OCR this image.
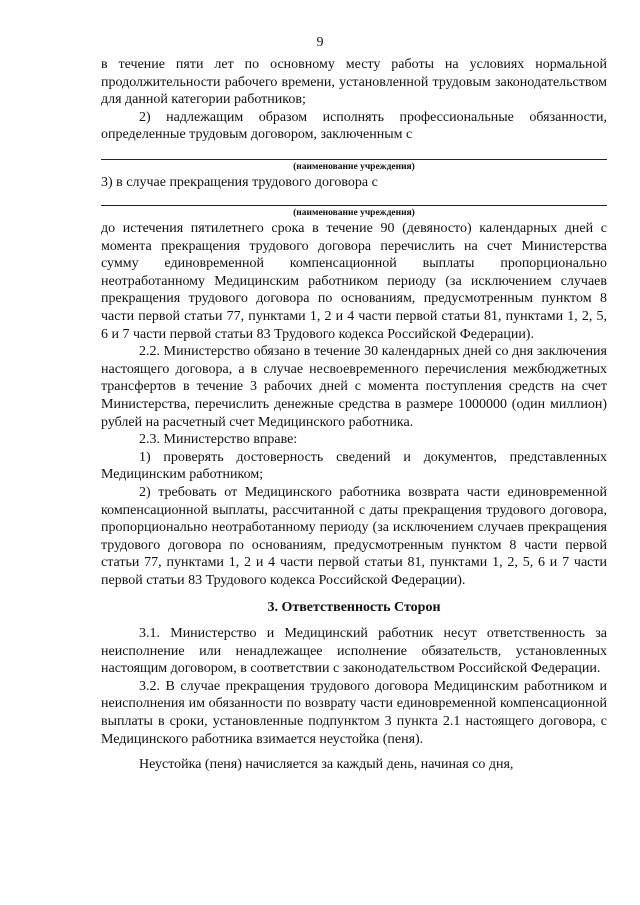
9

в течение пяти лет по основному месту работы на условиях нормальной продолжительности рабочего времени, установленной трудовым законодательством для данной категории работников;

2) надлежащим образом исполнять профессиональные обязанности, определенные трудовым договором, заключенным с

(наименование учреждения)

3) в случае прекращения трудового договора с

(наименование учреждения)

до истечения пятилетнего срока в течение 90 (девяносто) календарных дней с момента прекращения трудового договора перечислить на счет Министерства сумму единовременной компенсационной выплаты пропорционально неотработанному Медицинским работником периоду (за исключением случаев прекращения трудового договора по основаниям, предусмотренным пунктом 8 части первой статьи 77, пунктами 1, 2 и 4 части первой статьи 81, пунктами 1, 2, 5, 6 и 7 части первой статьи 83 Трудового кодекса Российской Федерации).

2.2. Министерство обязано в течение 30 календарных дней со дня заключения настоящего договора, а в случае несвоевременного перечисления межбюджетных трансфертов в течение 3 рабочих дней с момента поступления средств на счет Министерства, перечислить денежные средства в размере 1000000 (один миллион) рублей на расчетный счет Медицинского работника.

2.3. Министерство вправе:

1) проверять достоверность сведений и документов, представленных Медицинским работником;

2) требовать от Медицинского работника возврата части единовременной компенсационной выплаты, рассчитанной с даты прекращения трудового договора, пропорционально неотработанному периоду (за исключением случаев прекращения трудового договора по основаниям, предусмотренным пунктом 8 части первой статьи 77, пунктами 1, 2 и 4 части первой статьи 81, пунктами 1, 2, 5, 6 и 7 части первой статьи 83 Трудового кодекса Российской Федерации).

3. Ответственность Сторон

3.1. Министерство и Медицинский работник несут ответственность за неисполнение или ненадлежащее исполнение обязательств, установленных настоящим договором, в соответствии с законодательством Российской Федерации.

3.2. В случае прекращения трудового договора Медицинским работником и неисполнения им обязанности по возврату части единовременной компенсационной выплаты в сроки, установленные подпунктом 3 пункта 2.1 настоящего договора, с Медицинского работника взимается неустойка (пеня).

Неустойка (пеня) начисляется за каждый день, начиная со дня,
